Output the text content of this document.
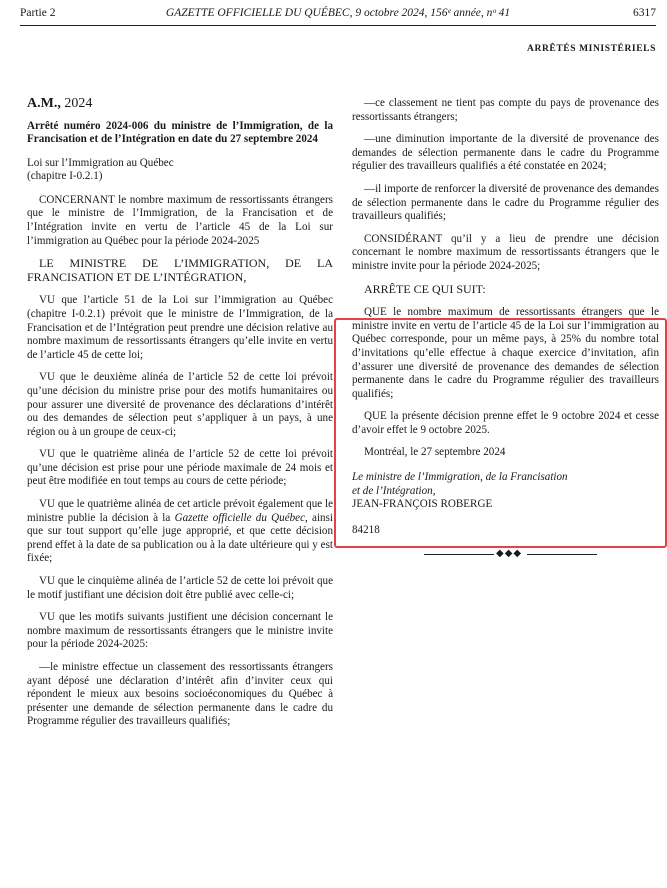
Partie 2	GAZETTE OFFICIELLE DU QUÉBEC, 9 octobre 2024, 156ᵉ année, nᵒ 41	6317
ARRÊTÉS MINISTÉRIELS

A.M., 2024

Arrêté numéro 2024-006 du ministre de l’Immigration, de la Francisation et de l’Intégration en date du 27 septembre 2024

Loi sur l’Immigration au Québec
(chapitre I-0.2.1)

CONCERNANT le nombre maximum de ressortissants étrangers que le ministre de l’Immigration, de la Francisation et de l’Intégration invite en vertu de l’article 45 de la Loi sur l’immigration au Québec pour la période 2024-2025

LE MINISTRE DE L’IMMIGRATION, DE LA FRANCISATION ET DE L’INTÉGRATION,

VU que l’article 51 de la Loi sur l’immigration au Québec (chapitre I-0.2.1) prévoit que le ministre de l’Immigration, de la Francisation et de l’Intégration peut prendre une décision relative au nombre maximum de ressortissants étrangers qu’elle invite en vertu de l’article 45 de cette loi;

VU que le deuxième alinéa de l’article 52 de cette loi prévoit qu’une décision du ministre prise pour des motifs humanitaires ou pour assurer une diversité de provenance des déclarations d’intérêt ou des demandes de sélection peut s’appliquer à un pays, à une région ou à un groupe de ceux-ci;

VU que le quatrième alinéa de l’article 52 de cette loi prévoit qu’une décision est prise pour une période maximale de 24 mois et peut être modifiée en tout temps au cours de cette période;

VU que le quatrième alinéa de cet article prévoit également que le ministre publie la décision à la Gazette officielle du Québec, ainsi que sur tout support qu’elle juge approprié, et que cette décision prend effet à la date de sa publication ou à la date ultérieure qui y est fixée;

VU que le cinquième alinéa de l’article 52 de cette loi prévoit que le motif justifiant une décision doit être publié avec celle-ci;

VU que les motifs suivants justifient une décision concernant le nombre maximum de ressortissants étrangers que le ministre invite pour la période 2024-2025:

—le ministre effectue un classement des ressortissants étrangers ayant déposé une déclaration d’intérêt afin d’inviter ceux qui répondent le mieux aux besoins socioéconomiques du Québec à présenter une demande de sélection permanente dans le cadre du Programme régulier des travailleurs qualifiés;

—ce classement ne tient pas compte du pays de provenance des ressortissants étrangers;

—une diminution importante de la diversité de provenance des demandes de sélection permanente dans le cadre du Programme régulier des travailleurs qualifiés a été constatée en 2024;

—il importe de renforcer la diversité de provenance des demandes de sélection permanente dans le cadre du Programme régulier des travailleurs qualifiés;

CONSIDÉRANT qu’il y a lieu de prendre une décision concernant le nombre maximum de ressortissants étrangers que le ministre invite pour la période 2024-2025;

ARRÊTE CE QUI SUIT:

QUE le nombre maximum de ressortissants étrangers que le ministre invite en vertu de l’article 45 de la Loi sur l’immigration au Québec corresponde, pour un même pays, à 25% du nombre total d’invitations qu’elle effectue à chaque exercice d’invitation, afin d’assurer une diversité de provenance des demandes de sélection permanente dans le cadre du Programme régulier des travailleurs qualifiés;

QUE la présente décision prenne effet le 9 octobre 2024 et cesse d’avoir effet le 9 octobre 2025.

Montréal, le 27 septembre 2024

Le ministre de l’Immigration, de la Francisation
et de l’Intégration,

JEAN-FRANÇOIS ROBERGE

84218

◆◆◆
